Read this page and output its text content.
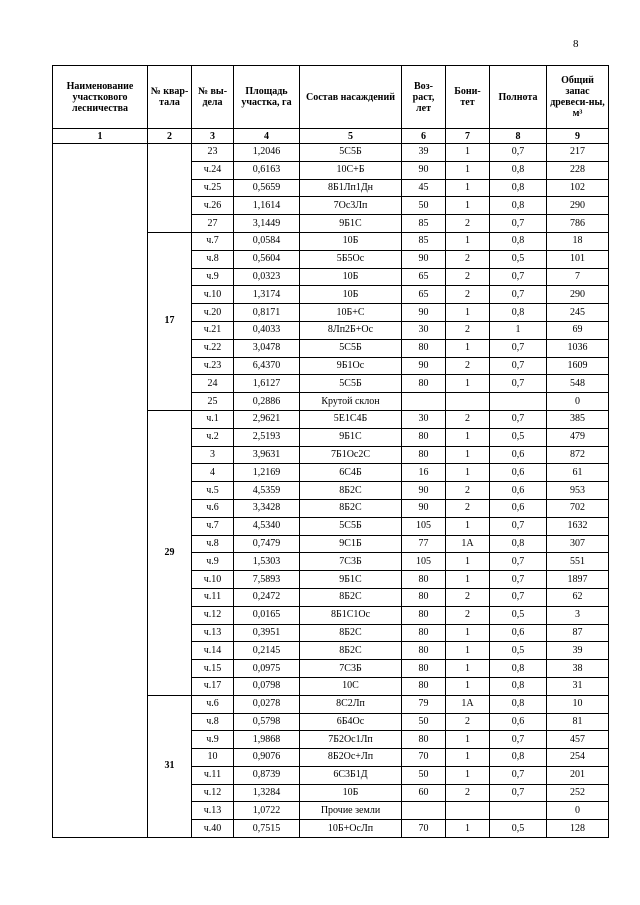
8
Наименование участкового лесничества	№ квар-тала	№ вы-дела	Площадь участка, га	Состав насаждений	Воз-раст, лет	Бони-тет	Полнота	Общий запас древеси-ны, м³
1	2	3	4	5	6	7	8	9
		23	1,2046	5С5Б	39	1	0,7	217
		ч.24	0,6163	10С+Б	90	1	0,8	228
		ч.25	0,5659	8Б1Лп1Дн	45	1	0,8	102
		ч.26	1,1614	7Ос3Лп	50	1	0,8	290
		27	3,1449	9Б1С	85	2	0,7	786
	17	ч.7	0,0584	10Б	85	1	0,8	18
		ч.8	0,5604	5Б5Ос	90	2	0,5	101
		ч.9	0,0323	10Б	65	2	0,7	7
		ч.10	1,3174	10Б	65	2	0,7	290
		ч.20	0,8171	10Б+С	90	1	0,8	245
		ч.21	0,4033	8Лп2Б+Ос	30	2	1	69
		ч.22	3,0478	5С5Б	80	1	0,7	1036
		ч.23	6,4370	9Б1Ос	90	2	0,7	1609
		24	1,6127	5С5Б	80	1	0,7	548
		25	0,2886	Крутой склон				0
	29	ч.1	2,9621	5Е1С4Б	30	2	0,7	385
		ч.2	2,5193	9Б1С	80	1	0,5	479
		3	3,9631	7Б1Ос2С	80	1	0,6	872
		4	1,2169	6С4Б	16	1	0,6	61
		ч.5	4,5359	8Б2С	90	2	0,6	953
		ч.6	3,3428	8Б2С	90	2	0,6	702
		ч.7	4,5340	5С5Б	105	1	0,7	1632
		ч.8	0,7479	9С1Б	77	1А	0,8	307
		ч.9	1,5303	7С3Б	105	1	0,7	551
		ч.10	7,5893	9Б1С	80	1	0,7	1897
		ч.11	0,2472	8Б2С	80	2	0,7	62
		ч.12	0,0165	8Б1С1Ос	80	2	0,5	3
		ч.13	0,3951	8Б2С	80	1	0,6	87
		ч.14	0,2145	8Б2С	80	1	0,5	39
		ч.15	0,0975	7С3Б	80	1	0,8	38
		ч.17	0,0798	10С	80	1	0,8	31
	31	ч.6	0,0278	8С2Лп	79	1А	0,8	10
		ч.8	0,5798	6Б4Ос	50	2	0,6	81
		ч.9	1,9868	7Б2Ос1Лп	80	1	0,7	457
		10	0,9076	8Б2Ос+Лп	70	1	0,8	254
		ч.11	0,8739	6С3Б1Д	50	1	0,7	201
		ч.12	1,3284	10Б	60	2	0,7	252
		ч.13	1,0722	Прочие земли				0
		ч.40	0,7515	10Б+ОсЛп	70	1	0,5	128
